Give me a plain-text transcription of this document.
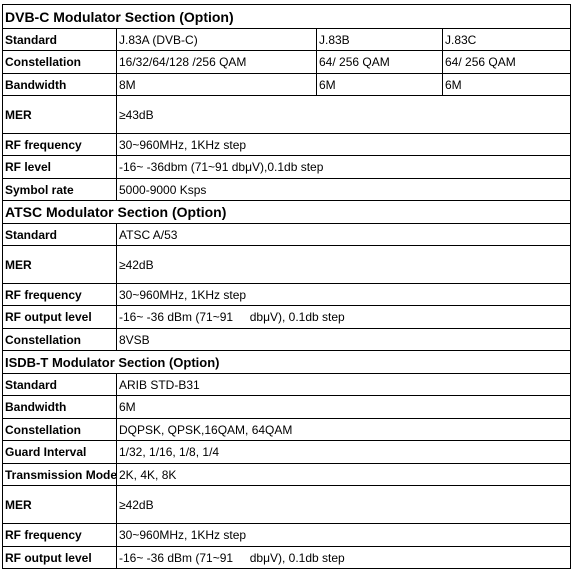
DVB-C Modulator Section (Option)			
Standard	J.83A (DVB-C)	J.83B	J.83C
Constellation	16/32/64/128 /256 QAM	64/ 256 QAM	64/ 256 QAM
Bandwidth	8M	6M	6M
MER	≥43dB		
RF frequency	30~960MHz, 1KHz step		
RF level	-16~ -36dbm (71~91 dbμV),0.1db step		
Symbol rate	5000-9000 Ksps		
ATSC Modulator Section (Option)			
Standard	ATSC A/53		
MER	≥42dB		
RF frequency	30~960MHz, 1KHz step		
RF output level	-16~ -36 dBm (71~91     dbμV), 0.1db step		
Constellation	8VSB		
ISDB-T Modulator Section (Option)			
Standard	ARIB STD-B31		
Bandwidth	6M		
Constellation	DQPSK, QPSK,16QAM, 64QAM		
Guard Interval	1/32, 1/16, 1/8, 1/4		
Transmission Mode	2K, 4K, 8K		
MER	≥42dB		
RF frequency	30~960MHz, 1KHz step		
RF output level	-16~ -36 dBm (71~91     dbμV), 0.1db step		
